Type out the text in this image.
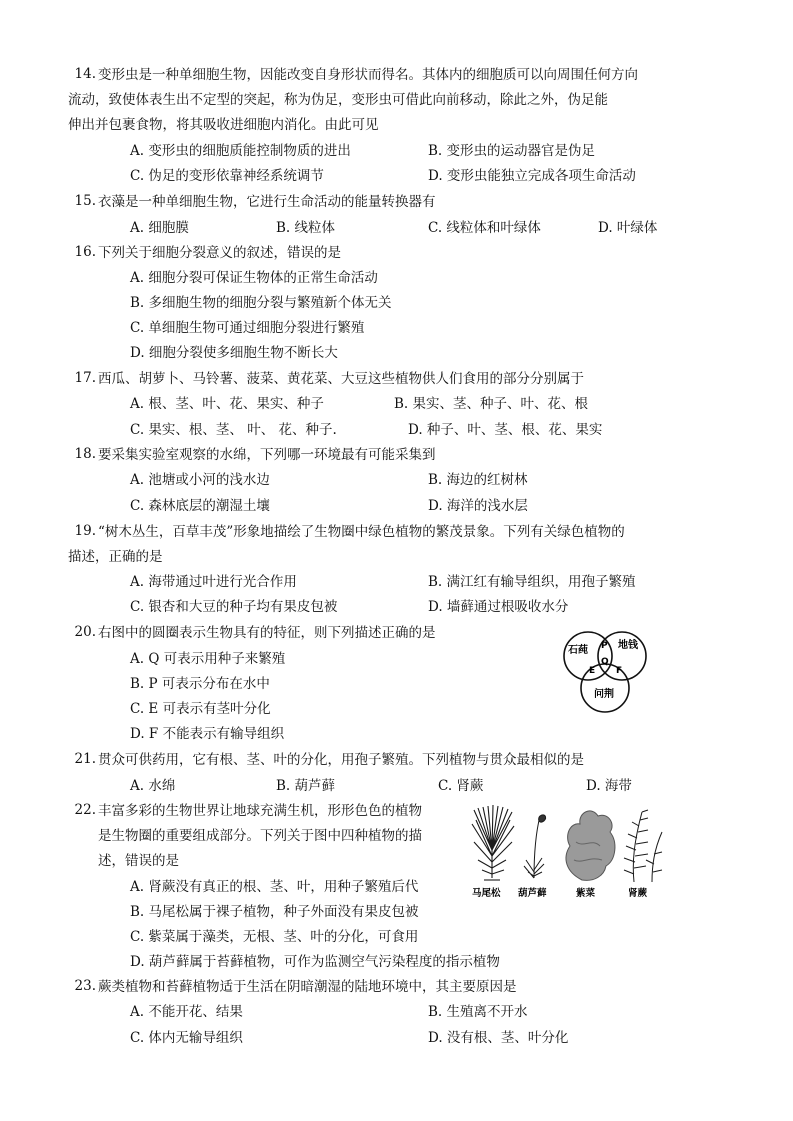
14. 变形虫是一种单细胞生物，因能改变自身形状而得名。其体内的细胞质可以向周围任何方向
流动，致使体表生出不定型的突起，称为伪足，变形虫可借此向前移动，除此之外，伪足能
伸出并包裹食物，将其吸收进细胞内消化。由此可见
A. 变形虫的细胞质能控制物质的进出	B. 变形虫的运动器官是伪足
C. 伪足的变形依靠神经系统调节	D. 变形虫能独立完成各项生命活动
15. 衣藻是一种单细胞生物，它进行生命活动的能量转换器有
A. 细胞膜	B. 线粒体	C. 线粒体和叶绿体	D. 叶绿体
16. 下列关于细胞分裂意义的叙述，错误的是
A. 细胞分裂可保证生物体的正常生命活动
B. 多细胞生物的细胞分裂与繁殖新个体无关
C. 单细胞生物可通过细胞分裂进行繁殖
D. 细胞分裂使多细胞生物不断长大
17. 西瓜、胡萝卜、马铃薯、菠菜、黄花菜、大豆这些植物供人们食用的部分分别属于
A. 根、茎、叶、花、果实、种子	B. 果实、茎、种子、叶、花、根
C. 果实、根、茎、 叶、 花、种子.	D. 种子、叶、茎、根、花、果实
18. 要采集实验室观察的水绵，下列哪一环境最有可能采集到
A. 池塘或小河的浅水边	B. 海边的红树林
C. 森林底层的潮湿土壤	D. 海洋的浅水层
19. “树木丛生，百草丰茂”形象地描绘了生物圈中绿色植物的繁茂景象。下列有关绿色植物的
描述，正确的是
A. 海带通过叶进行光合作用	B. 满江红有输导组织，用孢子繁殖
C. 银杏和大豆的种子均有果皮包被	D. 墙藓通过根吸收水分
20. 右图中的圆圈表示生物具有的特征，则下列描述正确的是
A. Q 可表示用种子来繁殖
B. P 可表示分布在水中
C. E 可表示有茎叶分化
D. F 不能表示有输导组织
石莼	地钱
问荆
P
Q
E F
21. 贯众可供药用，它有根、茎、叶的分化，用孢子繁殖。下列植物与贯众最相似的是
A. 水绵	B. 葫芦藓	C. 肾蕨	D. 海带
22. 丰富多彩的生物世界让地球充满生机，形形色色的植物
是生物圈的重要组成部分。下列关于图中四种植物的描
述，错误的是
A. 肾蕨没有真正的根、茎、叶，用种子繁殖后代
B. 马尾松属于裸子植物，种子外面没有果皮包被
C. 紫菜属于藻类，无根、茎、叶的分化，可食用
D. 葫芦藓属于苔藓植物，可作为监测空气污染程度的指示植物
马尾松 葫芦藓	紫菜	肾蕨
23. 蕨类植物和苔藓植物适于生活在阴暗潮湿的陆地环境中，其主要原因是
A. 不能开花、结果	B. 生殖离不开水
C. 体内无输导组织	D. 没有根、茎、叶分化
